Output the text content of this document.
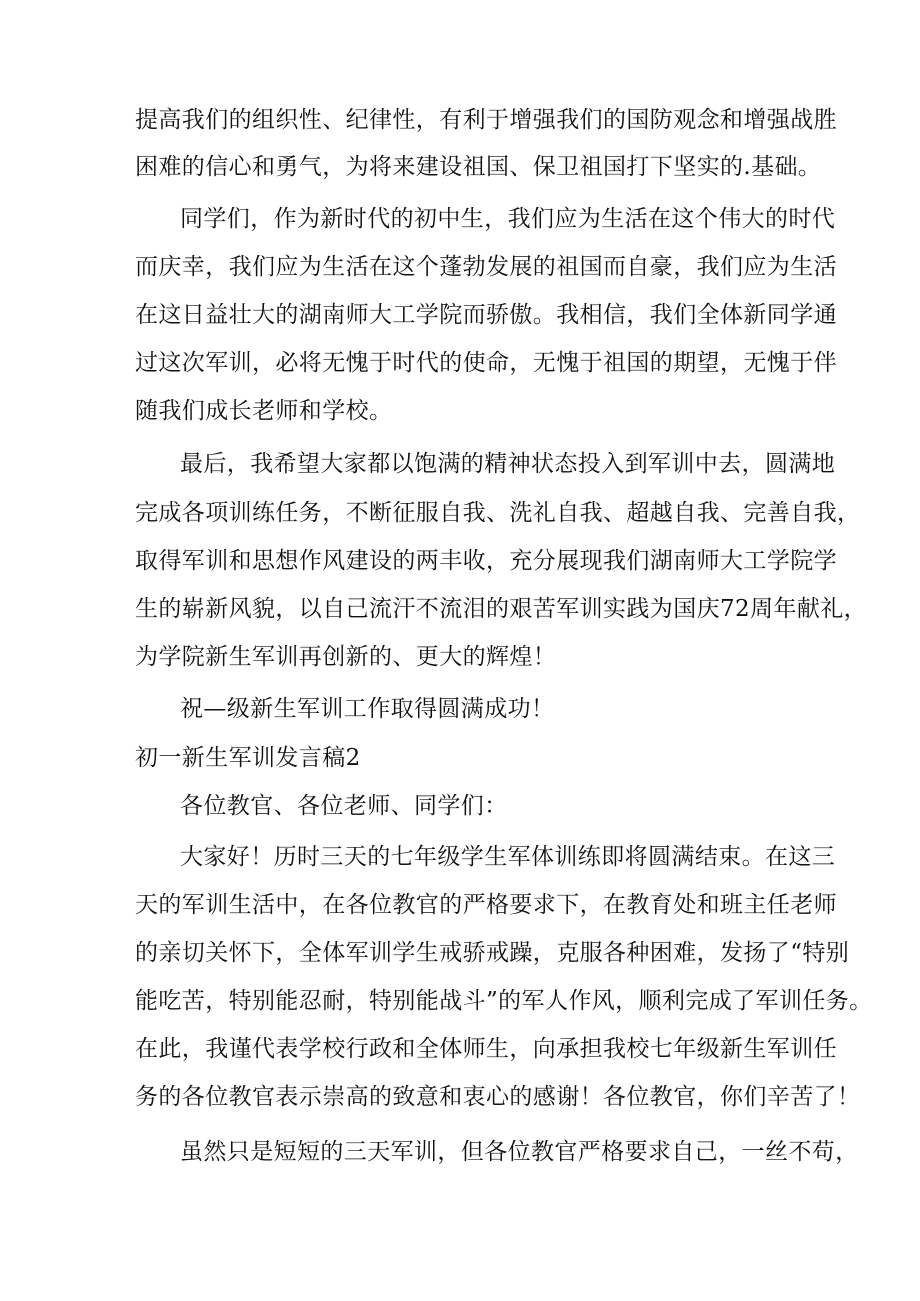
提高我们的组织性、纪律性，有利于增强我们的国防观念和增强战胜
困难的信心和勇气，为将来建设祖国、保卫祖国打下坚实的.基础。
同学们，作为新时代的初中生，我们应为生活在这个伟大的时代
而庆幸，我们应为生活在这个蓬勃发展的祖国而自豪，我们应为生活
在这日益壮大的湖南师大工学院而骄傲。我相信，我们全体新同学通
过这次军训，必将无愧于时代的使命，无愧于祖国的期望，无愧于伴
随我们成长老师和学校。
最后，我希望大家都以饱满的精神状态投入到军训中去，圆满地
完成各项训练任务，不断征服自我、洗礼自我、超越自我、完善自我，
取得军训和思想作风建设的两丰收，充分展现我们湖南师大工学院学
生的崭新风貌，以自己流汗不流泪的艰苦军训实践为国庆72周年献礼，
为学院新生军训再创新的、更大的辉煌！
祝—级新生军训工作取得圆满成功！
初一新生军训发言稿2
各位教官、各位老师、同学们：
大家好！历时三天的七年级学生军体训练即将圆满结束。在这三
天的军训生活中，在各位教官的严格要求下，在教育处和班主任老师
的亲切关怀下，全体军训学生戒骄戒躁，克服各种困难，发扬了“特别
能吃苦，特别能忍耐，特别能战斗”的军人作风，顺利完成了军训任务。
在此，我谨代表学校行政和全体师生，向承担我校七年级新生军训任
务的各位教官表示崇高的致意和衷心的感谢！各位教官，你们辛苦了！
虽然只是短短的三天军训，但各位教官严格要求自己，一丝不苟，
